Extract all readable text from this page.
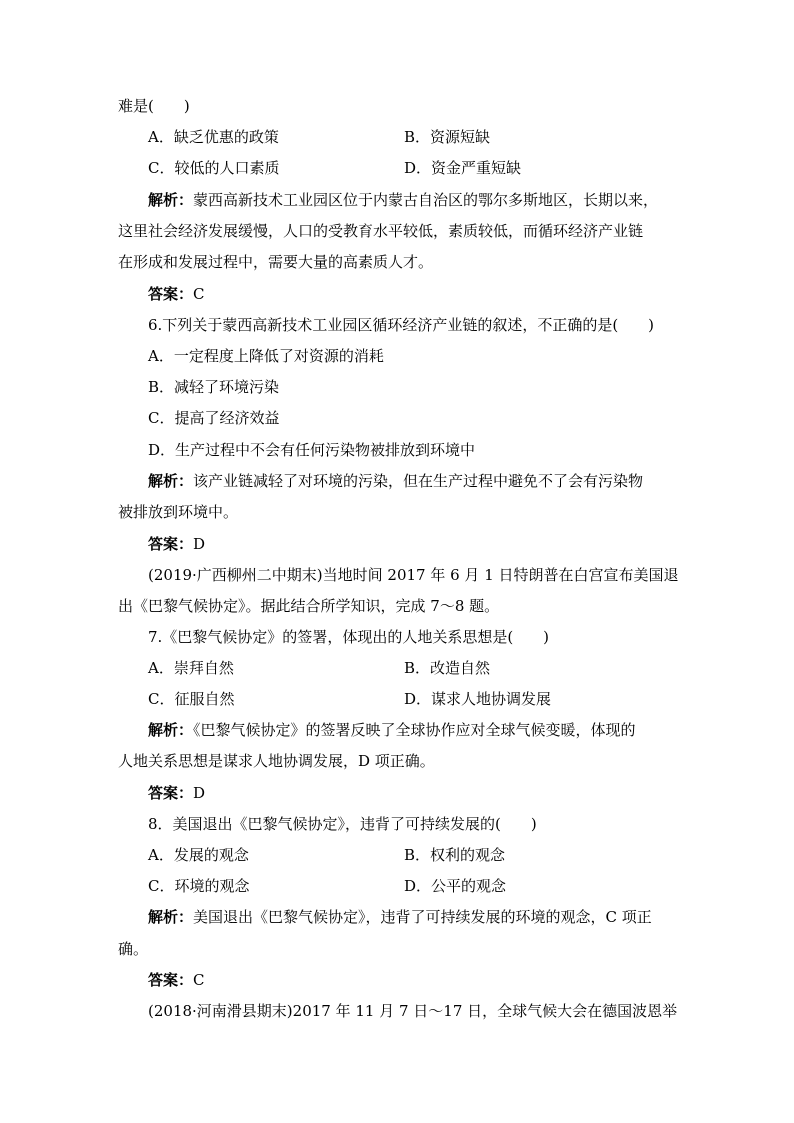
难是(　　)
A．缺乏优惠的政策	B．资源短缺
C．较低的人口素质	D．资金严重短缺
解析：蒙西高新技术工业园区位于内蒙古自治区的鄂尔多斯地区，长期以来，
这里社会经济发展缓慢，人口的受教育水平较低，素质较低，而循环经济产业链
在形成和发展过程中，需要大量的高素质人才。
答案：C
6.下列关于蒙西高新技术工业园区循环经济产业链的叙述，不正确的是(　　)
A．一定程度上降低了对资源的消耗
B．减轻了环境污染
C．提高了经济效益
D．生产过程中不会有任何污染物被排放到环境中
解析：该产业链减轻了对环境的污染，但在生产过程中避免不了会有污染物
被排放到环境中。
答案：D
(2019·广西柳州二中期末)当地时间 2017 年 6 月 1 日特朗普在白宫宣布美国退
出《巴黎气候协定》。据此结合所学知识，完成 7～8 题。
7.《巴黎气候协定》的签署，体现出的人地关系思想是(　　)
A．崇拜自然	B．改造自然
C．征服自然	D．谋求人地协调发展
解析：《巴黎气候协定》的签署反映了全球协作应对全球气候变暖，体现的
人地关系思想是谋求人地协调发展，D 项正确。
答案：D
8．美国退出《巴黎气候协定》，违背了可持续发展的(　　)
A．发展的观念	B．权利的观念
C．环境的观念	D．公平的观念
解析：美国退出《巴黎气候协定》，违背了可持续发展的环境的观念，C 项正
确。
答案：C
(2018·河南滑县期末)2017 年 11 月 7 日～17 日，全球气候大会在德国波恩举
